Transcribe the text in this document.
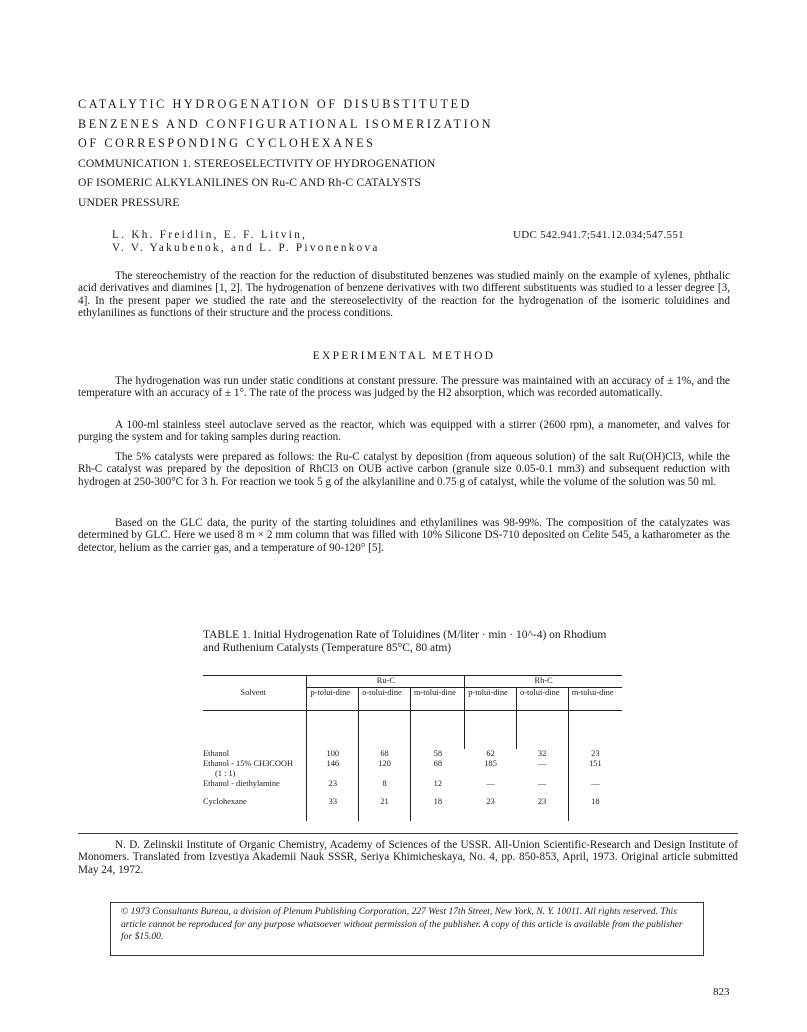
CATALYTIC HYDROGENATION OF DISUBSTITUTED
BENZENES AND CONFIGURATIONAL ISOMERIZATION
OF CORRESPONDING CYCLOHEXANES
COMMUNICATION 1. STEREOSELECTIVITY OF HYDROGENATION
OF ISOMERIC ALKYLANILINES ON Ru-C AND Rh-C CATALYSTS
UNDER PRESSURE
L. Kh. Freidlin, E. F. Litvin,
V. V. Yakubenok, and L. P. Pivonenkova
UDC 542.941.7;541.12.034;547.551

The stereochemistry of the reaction for the reduction of disubstituted benzenes was studied mainly on the example of xylenes, phthalic acid derivatives and diamines [1, 2]. The hydrogenation of benzene derivatives with two different substituents was studied to a lesser degree [3, 4]. In the present paper we studied the rate and the stereoselectivity of the reaction for the hydrogenation of the isomeric toluidines and ethylanilines as functions of their structure and the process conditions.

EXPERIMENTAL METHOD

The hydrogenation was run under static conditions at constant pressure. The pressure was maintained with an accuracy of ± 1%, and the temperature with an accuracy of ± 1°. The rate of the process was judged by the H2 absorption, which was recorded automatically.

A 100-ml stainless steel autoclave served as the reactor, which was equipped with a stirrer (2600 rpm), a manometer, and valves for purging the system and for taking samples during reaction.

The 5% catalysts were prepared as follows: the Ru-C catalyst by deposition (from aqueous solution) of the salt Ru(OH)Cl3, while the Rh-C catalyst was prepared by the deposition of RhCl3 on OUB active carbon (granule size 0.05-0.1 mm3) and subsequent reduction with hydrogen at 250-300°C for 3 h. For reaction we took 5 g of the alkylaniline and 0.75 g of catalyst, while the volume of the solution was 50 ml.

Based on the GLC data, the purity of the starting toluidines and ethylanilines was 98-99%. The composition of the catalyzates was determined by GLC. Here we used 8 m × 2 mm column that was filled with 10% Silicone DS-710 deposited on Celite 545, a katharometer as the detector, helium as the carrier gas, and a temperature of 90-120° [5].

TABLE 1. Initial Hydrogenation Rate of Toluidines (M/liter · min · 10^-4) on Rhodium and Ruthenium Catalysts (Temperature 85°C, 80 atm)
Solvent	Ru-C			Rh-C		
	p-tolui-dine	o-tolui-dine	m-tolui-dine	p-tolui-dine	o-tolui-dine	m-tolui-dine

Ethanol	100	68	58	62	32	23
Ethanol - 15% CH3COOH
(1 : 1)	146	120	68	185	—	151
Ethanol - diethylamine	23	8	12	—	—	—

Cyclohexane	33	21	18	23	23	18

N. D. Zelinskii Institute of Organic Chemistry, Academy of Sciences of the USSR. All-Union Scientific-Research and Design Institute of Monomers. Translated from Izvestiya Akademii Nauk SSSR, Seriya Khimicheskaya, No. 4, pp. 850-853, April, 1973. Original article submitted May 24, 1972.

© 1973 Consultants Bureau, a division of Plenum Publishing Corporation, 227 West 17th Street, New York, N. Y. 10011. All rights reserved. This article cannot be reproduced for any purpose whatsoever without permission of the publisher. A copy of this article is available from the publisher for $15.00.
823
